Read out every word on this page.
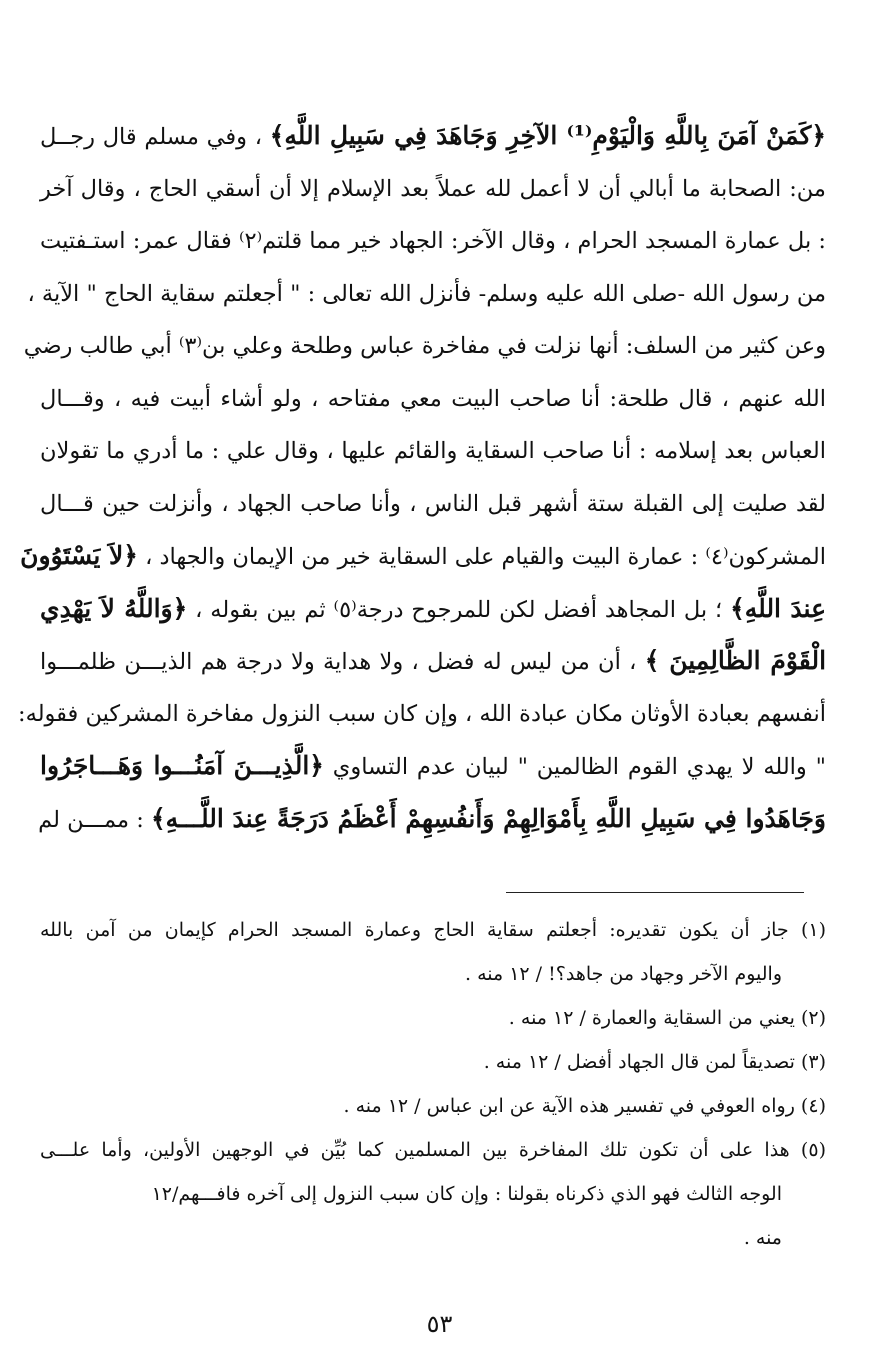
﴿كَمَنْ آمَنَ بِاللَّهِ وَالْيَوْمِ⁽¹⁾ الآخِرِ وَجَاهَدَ فِي سَبِيلِ اللَّهِ﴾ ، وفي مسلم قال رجــل
من: الصحابة ما أبالي أن لا أعمل لله عملاً بعد الإسلام إلا أن أسقي الحاج ، وقال آخر
: بل عمارة المسجد الحرام ، وقال الآخر: الجهاد خير مما قلتم⁽٢⁾ فقال عمر: استـفتيت
من رسول الله -صلى الله عليه وسلم- فأنزل الله تعالى : " أجعلتم سقاية الحاج " الآية ،
وعن كثير من السلف: أنها نزلت في مفاخرة عباس وطلحة وعلي بن⁽٣⁾ أبي طالب رضي
الله عنهم ، قال طلحة: أنا صاحب البيت معي مفتاحه ، ولو أشاء أبيت فيه ، وقـــال
العباس بعد إسلامه : أنا صاحب السقاية والقائم عليها ، وقال علي : ما أدري ما تقولان
لقد صليت إلى القبلة ستة أشهر قبل الناس ، وأنا صاحب الجهاد ، وأنزلت حين قـــال
المشركون⁽٤⁾ : عمارة البيت والقيام على السقاية خير من الإيمان والجهاد ، ﴿لاَ يَسْتَوُونَ
عِندَ اللَّهِ﴾ ؛ بل المجاهد أفضل لكن للمرجوح درجة⁽٥⁾ ثم بين بقوله ، ﴿وَاللَّهُ لاَ يَهْدِي
الْقَوْمَ الظَّالِمِينَ ﴾ ، أن من ليس له فضل ، ولا هداية ولا درجة هم الذيـــن ظلمـــوا
أنفسهم بعبادة الأوثان مكان عبادة الله ، وإن كان سبب النزول مفاخرة المشركين فقوله:
" والله لا يهدي القوم الظالمين " لبيان عدم التساوي ﴿الَّذِيـــنَ آمَنُـــوا وَهَـــاجَرُوا
وَجَاهَدُوا فِي سَبِيلِ اللَّهِ بِأَمْوَالِهِمْ وَأَنفُسِهِمْ أَعْظَمُ دَرَجَةً عِندَ اللَّـــهِ﴾ : ممـــن لم
(١) جاز أن يكون تقديره: أجعلتم سقاية الحاج وعمارة المسجد الحرام كإيمان من آمن بالله
واليوم الآخر وجهاد من جاهد؟! / ١٢ منه .
(٢) يعني من السقاية والعمارة / ١٢ منه .
(٣) تصديقاً لمن قال الجهاد أفضل / ١٢ منه .
(٤) رواه العوفي في تفسير هذه الآية عن ابن عباس / ١٢ منه .
(٥) هذا على أن تكون تلك المفاخرة بين المسلمين كما بُيِّن في الوجهين الأولين، وأما علـــى
الوجه الثالث فهو الذي ذكرناه بقولنا : وإن كان سبب النزول إلى آخره فافـــهم/١٢
منه .
٥٣
